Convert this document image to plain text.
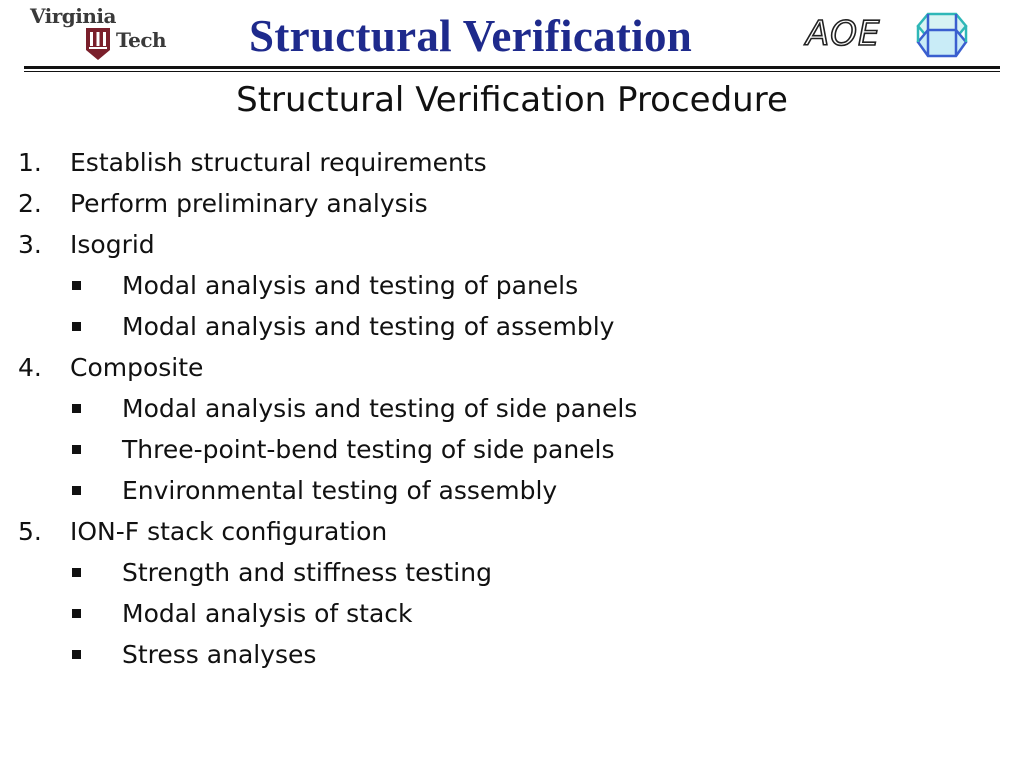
Virginia
Tech Structural Verification	AOE
Structural Verification Procedure
1. Establish structural requirements
2. Perform preliminary analysis
3. Isogrid
Modal analysis and testing of panels
Modal analysis and testing of assembly
4. Composite
Modal analysis and testing of side panels
Three-point-bend testing of side panels
Environmental testing of assembly
5. ION-F stack configuration
Strength and stiffness testing
Modal analysis of stack
Stress analyses
